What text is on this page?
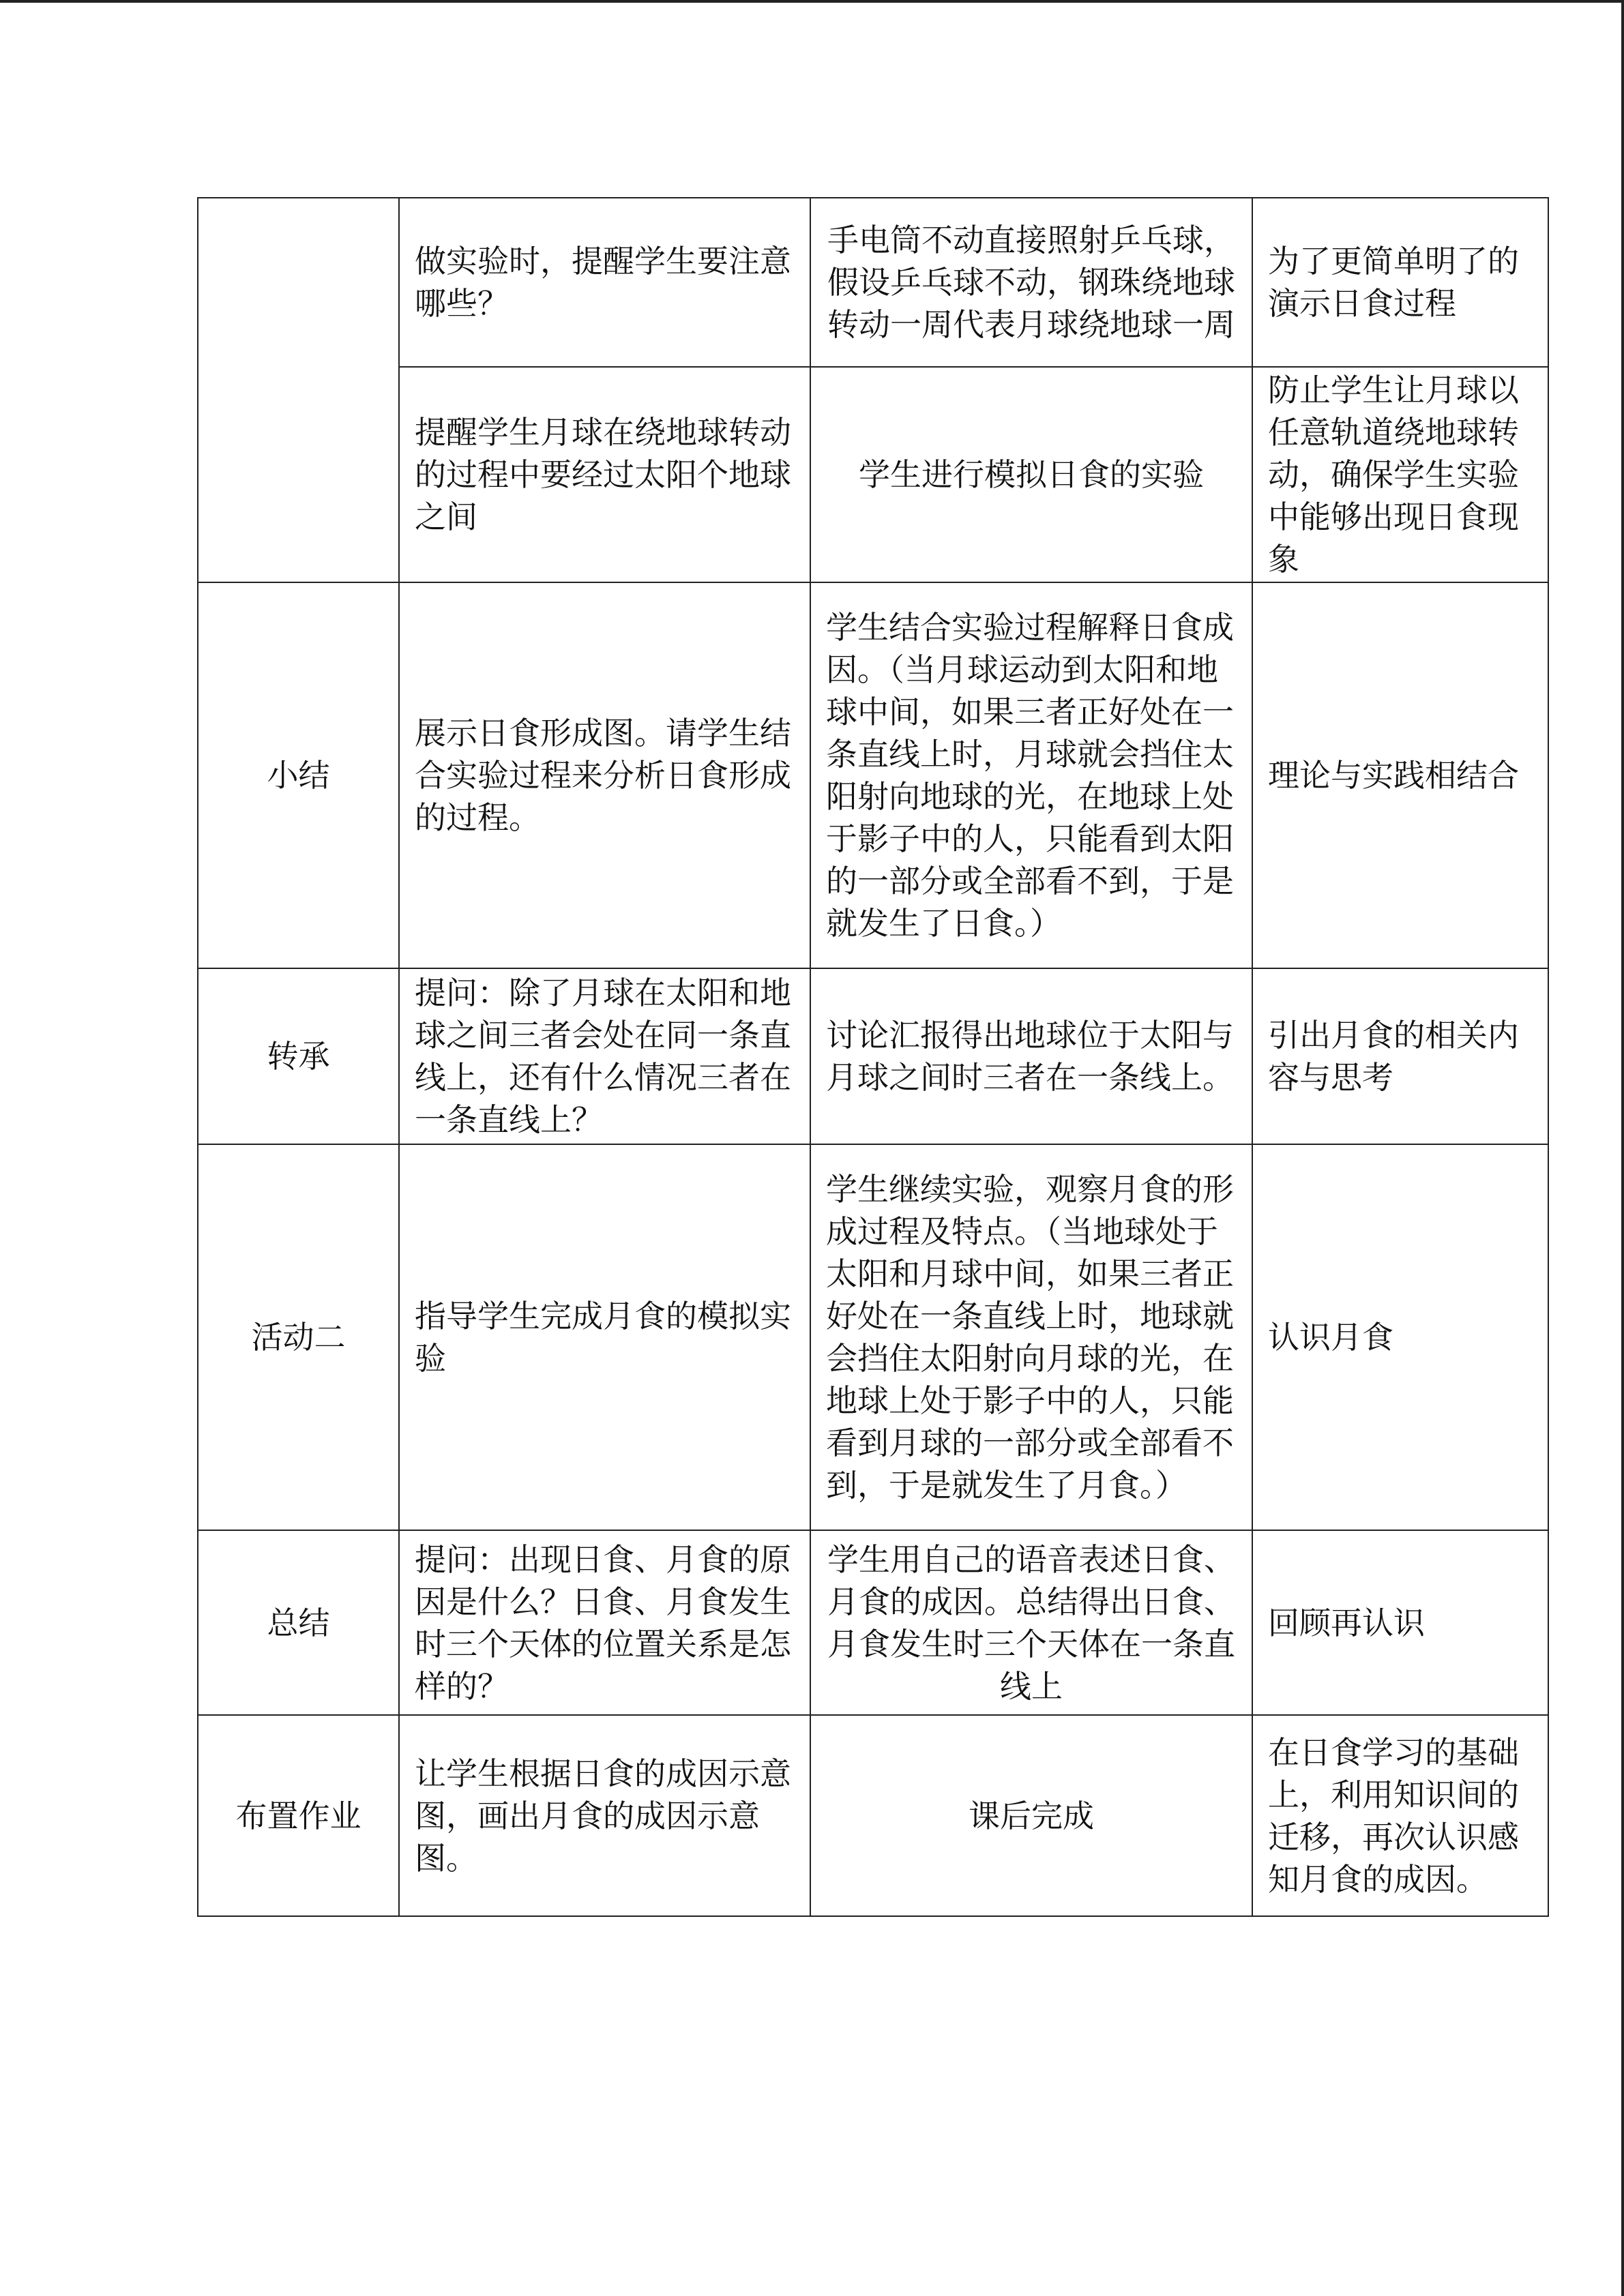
	做实验时，提醒学生要注意哪些？	手电筒不动直接照射乒乓球，假设乒乓球不动，钢珠绕地球转动一周代表月球绕地球一周	为了更简单明了的演示日食过程
	提醒学生月球在绕地球转动的过程中要经过太阳个地球之间	学生进行模拟日食的实验	防止学生让月球以任意轨道绕地球转动，确保学生实验中能够出现日食现象
小结	展示日食形成图。请学生结合实验过程来分析日食形成的过程。	学生结合实验过程解释日食成因。（当月球运动到太阳和地球中间，如果三者正好处在一条直线上时，月球就会挡住太阳射向地球的光，在地球上处于影子中的人，只能看到太阳的一部分或全部看不到，于是就发生了日食。）	理论与实践相结合
转承	提问：除了月球在太阳和地球之间三者会处在同一条直线上，还有什么情况三者在一条直线上？	讨论汇报得出地球位于太阳与月球之间时三者在一条线上。	引出月食的相关内容与思考
活动二	指导学生完成月食的模拟实验	学生继续实验，观察月食的形成过程及特点。（当地球处于太阳和月球中间，如果三者正好处在一条直线上时，地球就会挡住太阳射向月球的光，在地球上处于影子中的人，只能看到月球的一部分或全部看不到，于是就发生了月食。）	认识月食
总结	提问：出现日食、月食的原因是什么？日食、月食发生时三个天体的位置关系是怎样的？	学生用自己的语音表述日食、月食的成因。总结得出日食、月食发生时三个天体在一条直线上	回顾再认识
布置作业	让学生根据日食的成因示意图，画出月食的成因示意图。	课后完成	在日食学习的基础上，利用知识间的迁移，再次认识感知月食的成因。
